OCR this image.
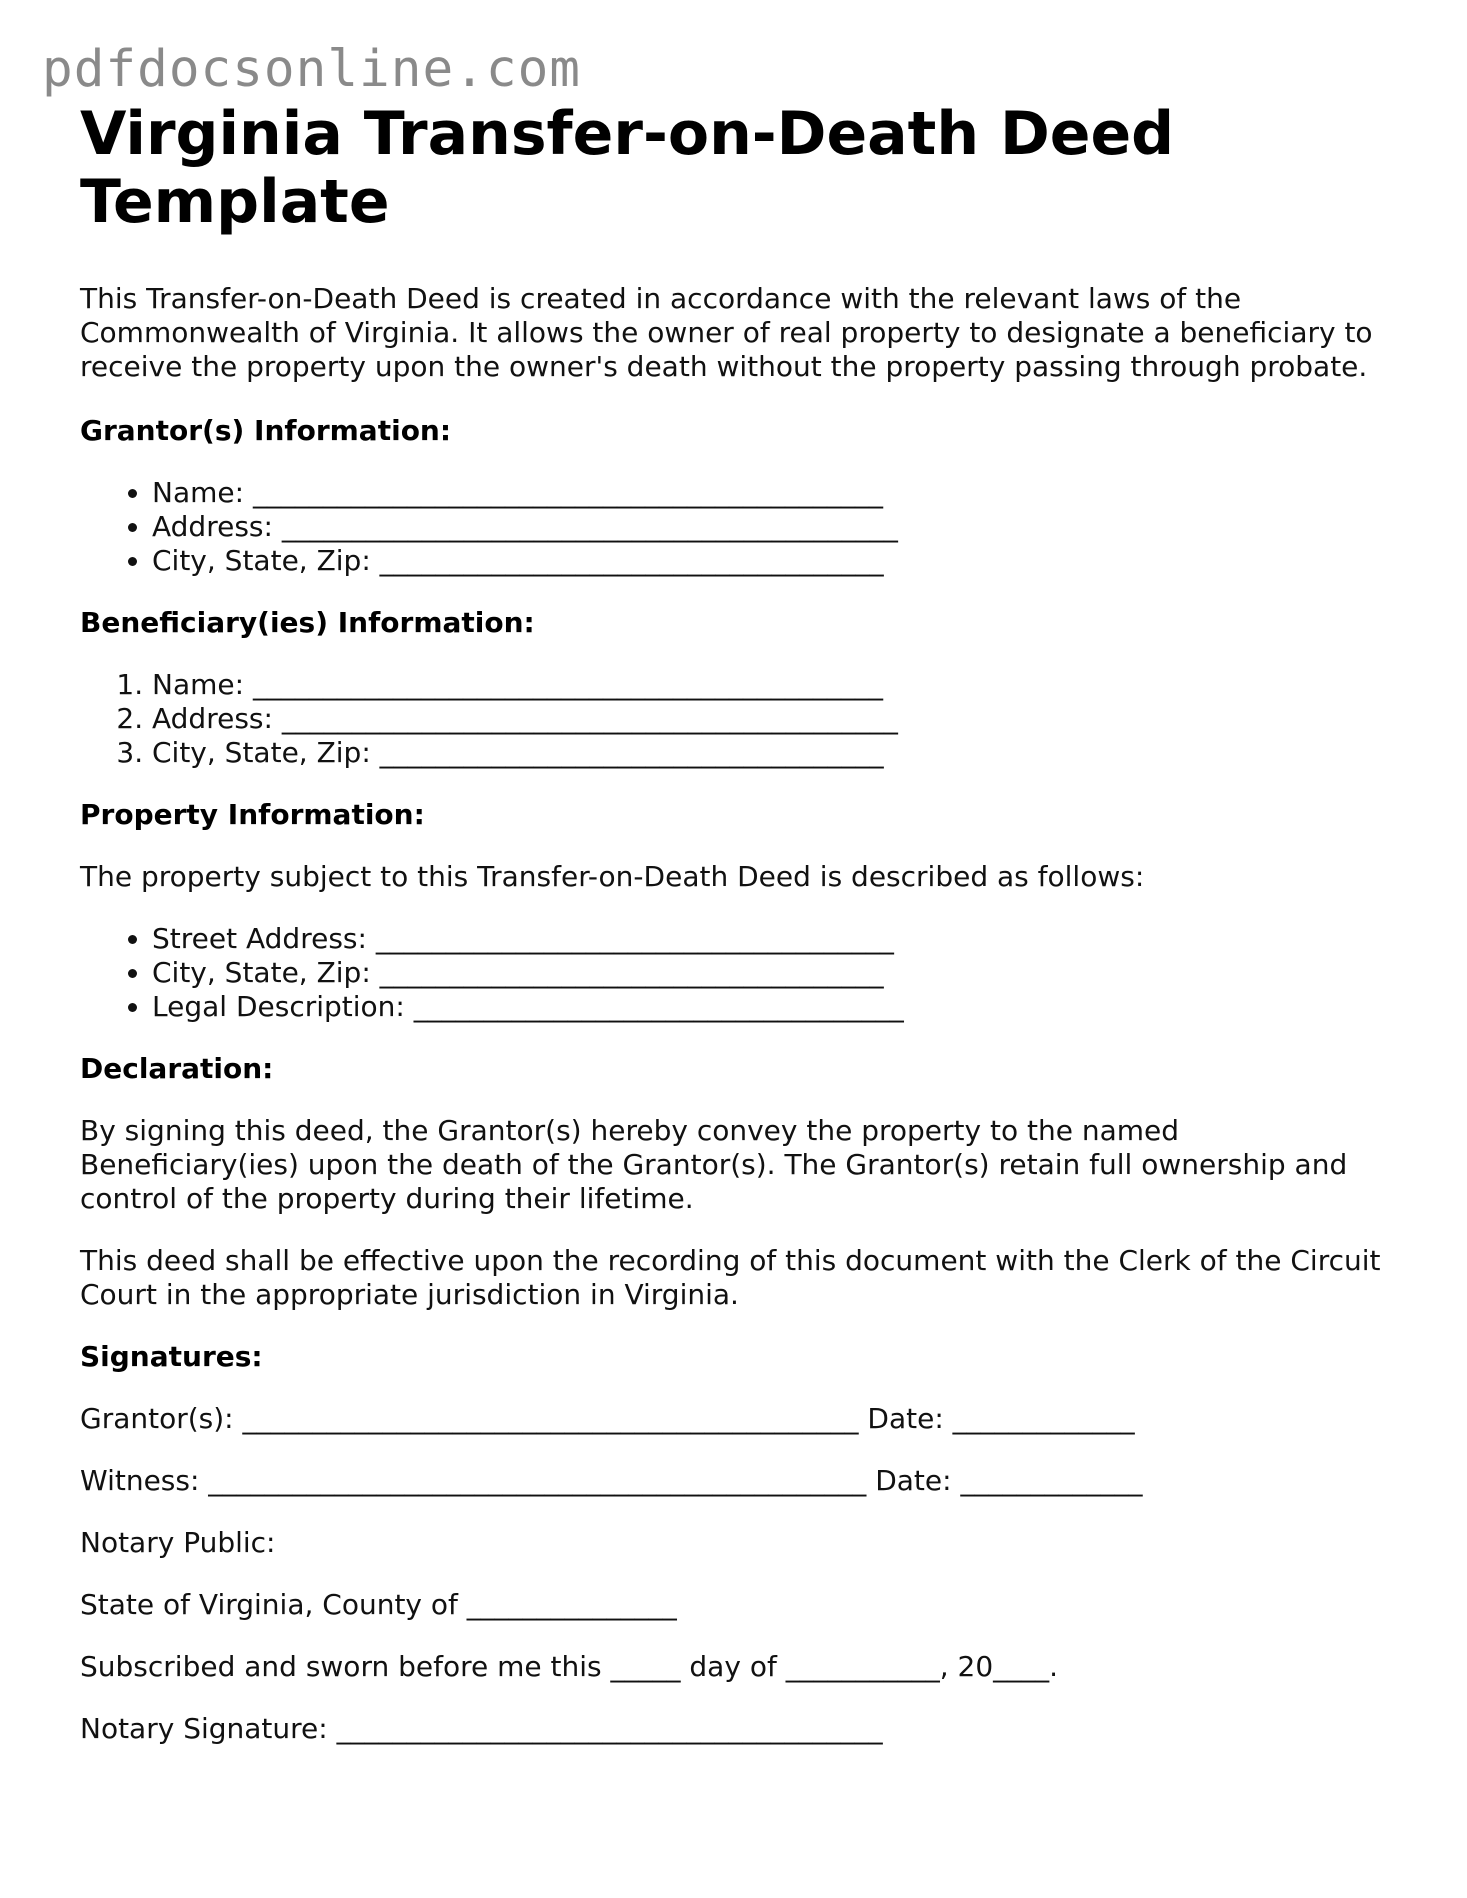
pdfdocsonline.com
Virginia Transfer-on-Death Deed Template

This Transfer-on-Death Deed is created in accordance with the relevant laws of the Commonwealth of Virginia. It allows the owner of real property to designate a beneficiary to receive the property upon the owner's death without the property passing through probate.

Grantor(s) Information:
• Name: _____________________________________________
• Address: ____________________________________________
• City, State, Zip: ____________________________________
Beneficiary(ies) Information:
1. Name: _____________________________________________
2. Address: ____________________________________________
3. City, State, Zip: ____________________________________
Property Information:

The property subject to this Transfer-on-Death Deed is described as follows:

• Street Address: _____________________________________
• City, State, Zip: ____________________________________
• Legal Description: ___________________________________
Declaration:

By signing this deed, the Grantor(s) hereby convey the property to the named Beneficiary(ies) upon the death of the Grantor(s). The Grantor(s) retain full ownership and control of the property during their lifetime.

This deed shall be effective upon the recording of this document with the Clerk of the Circuit Court in the appropriate jurisdiction in Virginia.

Signatures:

Grantor(s): ____________________________________________ Date: _____________

Witness: _______________________________________________ Date: _____________

Notary Public:

State of Virginia, County of _______________

Subscribed and sworn before me this _____ day of ___________, 20____.

Notary Signature: _______________________________________
